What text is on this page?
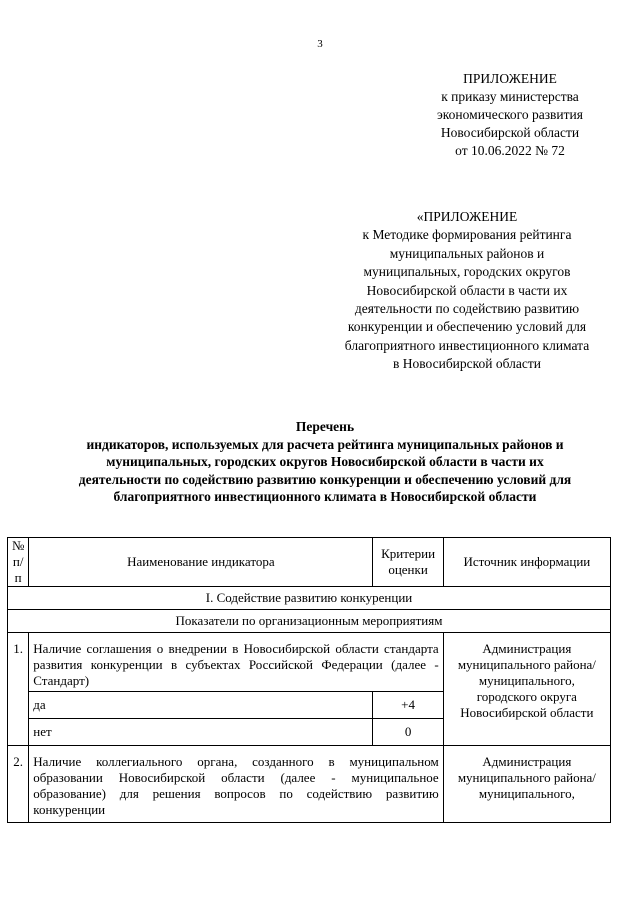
3
ПРИЛОЖЕНИЕ
к приказу министерства
экономического развития
Новосибирской области
от 10.06.2022 № 72
«ПРИЛОЖЕНИЕ
к Методике формирования рейтинга
муниципальных районов и
муниципальных, городских округов
Новосибирской области в части их
деятельности по содействию развитию
конкуренции и обеспечению условий для
благоприятного инвестиционного климата
в Новосибирской области
Перечень
индикаторов, используемых для расчета рейтинга муниципальных районов и муниципальных, городских округов Новосибирской области в части их деятельности по содействию развитию конкуренции и обеспечению условий для благоприятного инвестиционного климата в Новосибирской области
№ п/п	Наименование индикатора	Критерии оценки	Источник информации
I. Содействие развитию конкуренции			
Показатели по организационным мероприятиям			
1.	Наличие соглашения о внедрении в Новосибирской области стандарта развития конкуренции в субъектах Российской Федерации (далее - Стандарт)		Администрация муниципального района/муниципального, городского округа Новосибирской области
	да	+4	
	нет	0	
2.	Наличие коллегиального органа, созданного в муниципальном образовании Новосибирской области (далее - муниципальное образование) для решения вопросов по содействию развитию конкуренции		Администрация муниципального района/муниципального,
